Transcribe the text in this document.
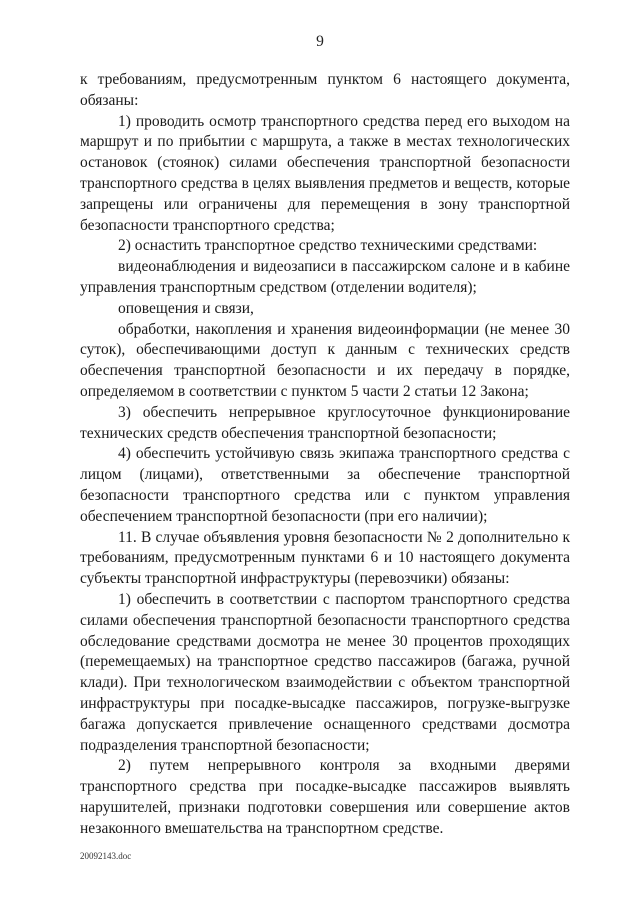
9

к требованиям, предусмотренным пунктом 6 настоящего документа, обязаны:

1) проводить осмотр транспортного средства перед его выходом на маршрут и по прибытии с маршрута, а также в местах технологических остановок (стоянок) силами обеспечения транспортной безопасности транспортного средства в целях выявления предметов и веществ, которые запрещены или ограничены для перемещения в зону транспортной безопасности транспортного средства;

2) оснастить транспортное средство техническими средствами:

видеонаблюдения и видеозаписи в пассажирском салоне и в кабине управления транспортным средством (отделении водителя);

оповещения и связи,

обработки, накопления и хранения видеоинформации (не менее 30 суток), обеспечивающими доступ к данным с технических средств обеспечения транспортной безопасности и их передачу в порядке, определяемом в соответствии с пунктом 5 части 2 статьи 12 Закона;

3) обеспечить непрерывное круглосуточное функционирование технических средств обеспечения транспортной безопасности;

4) обеспечить устойчивую связь экипажа транспортного средства с лицом (лицами), ответственными за обеспечение транспортной безопасности транспортного средства или с пунктом управления обеспечением транспортной безопасности (при его наличии);

11. В случае объявления уровня безопасности № 2 дополнительно к требованиям, предусмотренным пунктами 6 и 10 настоящего документа субъекты транспортной инфраструктуры (перевозчики) обязаны:

1) обеспечить в соответствии с паспортом транспортного средства силами обеспечения транспортной безопасности транспортного средства обследование средствами досмотра не менее 30 процентов проходящих (перемещаемых) на транспортное средство пассажиров (багажа, ручной клади). При технологическом взаимодействии с объектом транспортной инфраструктуры при посадке-высадке пассажиров, погрузке-выгрузке багажа допускается привлечение оснащенного средствами досмотра подразделения транспортной безопасности;

2) путем непрерывного контроля за входными дверями транспортного средства при посадке-высадке пассажиров выявлять нарушителей, признаки подготовки совершения или совершение актов незаконного вмешательства на транспортном средстве.

20092143.doc
